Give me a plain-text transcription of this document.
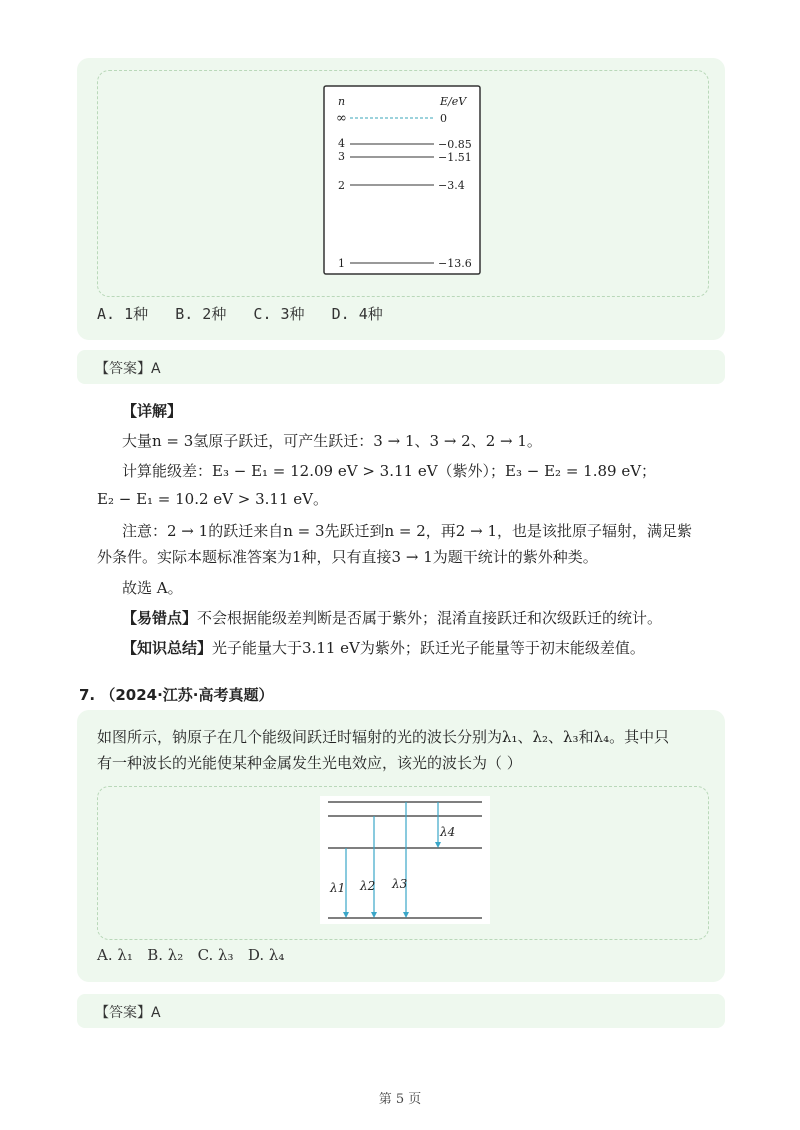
n	E/eV
∞	0
4	−0.85
3	−1.51
2	−3.4
1	−13.6
A. 1种   B. 2种   C. 3种   D. 4种
【答案】A
【详解】
大量n = 3氢原子跃迁，可产生跃迁：3 → 1、3 → 2、2 → 1。
计算能级差：E₃ − E₁ = 12.09 eV > 3.11 eV（紫外）；E₃ − E₂ = 1.89 eV；
E₂ − E₁ = 10.2 eV > 3.11 eV。
注意：2 → 1的跃迁来自n = 3先跃迁到n = 2，再2 → 1，也是该批原子辐射，满足紫
外条件。实际本题标准答案为1种，只有直接3 → 1为题干统计的紫外种类。
故选 A。
【易错点】不会根据能级差判断是否属于紫外；混淆直接跃迁和次级跃迁的统计。
【知识总结】光子能量大于3.11 eV为紫外；跃迁光子能量等于初末能级差值。
7. （2024·江苏·高考真题）
如图所示，钠原子在几个能级间跃迁时辐射的光的波长分别为λ₁、λ₂、λ₃和λ₄。其中只
有一种波长的光能使某种金属发生光电效应，该光的波长为（ ）
λ1 λ2 λ3
λ4
A. λ₁   B. λ₂   C. λ₃   D. λ₄
【答案】A
第 5 页
